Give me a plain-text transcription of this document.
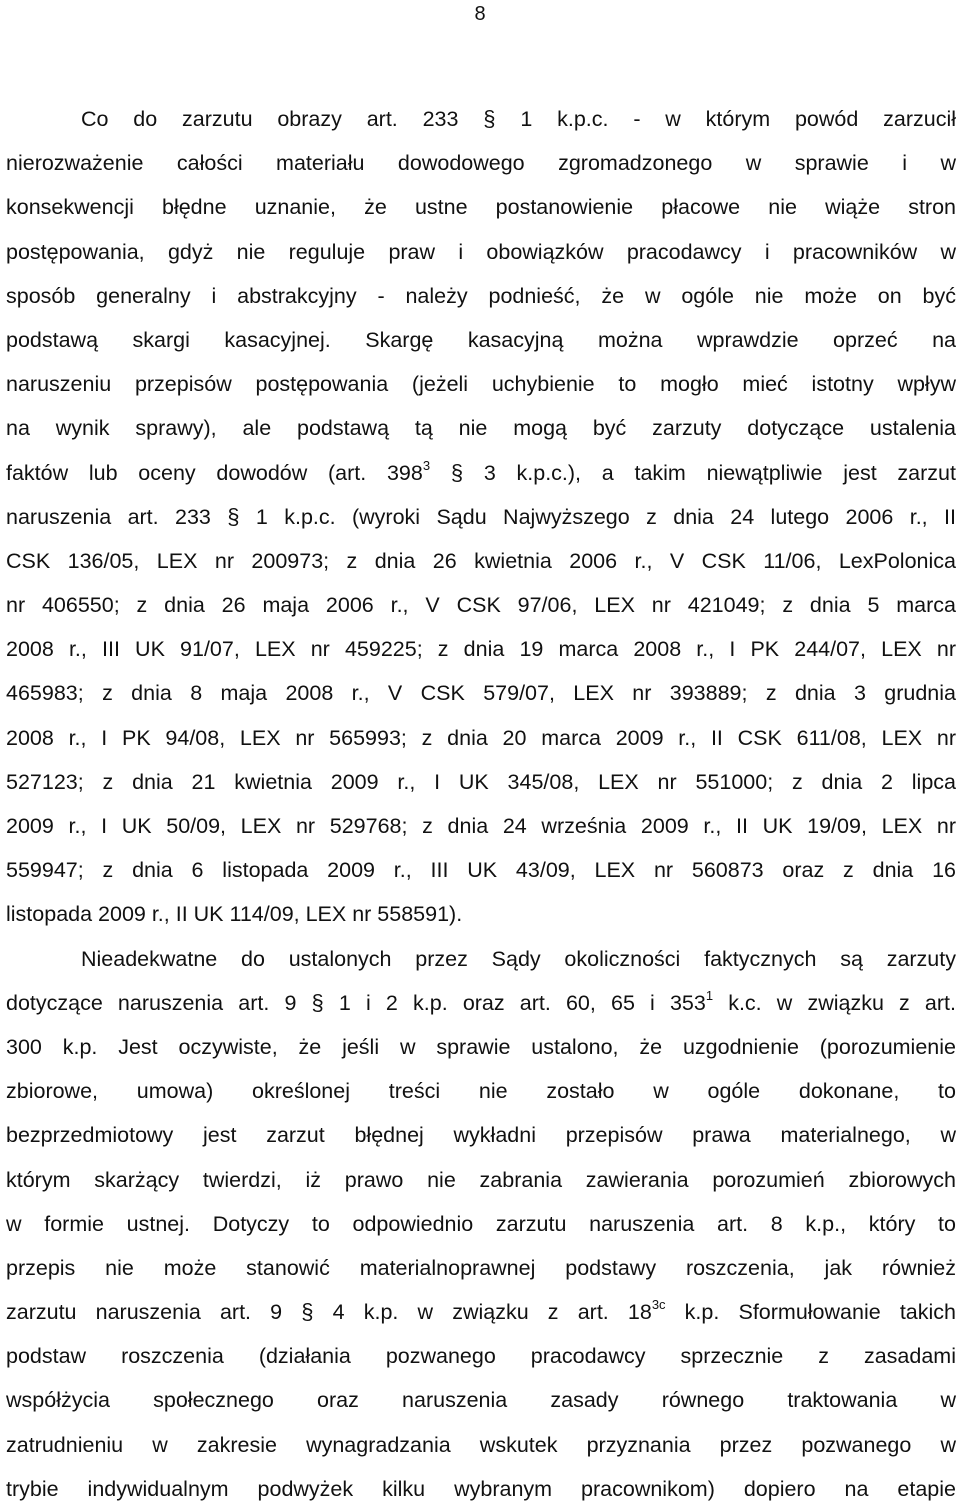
8
Co do zarzutu obrazy art. 233 § 1 k.p.c. - w którym powód zarzucił
nierozważenie całości materiału dowodowego zgromadzonego w sprawie i w
konsekwencji błędne uznanie, że ustne postanowienie płacowe nie wiąże stron
postępowania, gdyż nie reguluje praw i obowiązków pracodawcy i pracowników w
sposób generalny i abstrakcyjny - należy podnieść, że w ogóle nie może on być
podstawą skargi kasacyjnej. Skargę kasacyjną można wprawdzie oprzeć na
naruszeniu przepisów postępowania (jeżeli uchybienie to mogło mieć istotny wpływ
na wynik sprawy), ale podstawą tą nie mogą być zarzuty dotyczące ustalenia
faktów lub oceny dowodów (art. $398^3$ § 3 k.p.c.), a takim niewątpliwie jest zarzut
naruszenia art. 233 § 1 k.p.c. (wyroki Sądu Najwyższego z dnia 24 lutego 2006 r., II
CSK 136/05, LEX nr 200973; z dnia 26 kwietnia 2006 r., V CSK 11/06, LexPolonica
nr 406550; z dnia 26 maja 2006 r., V CSK 97/06, LEX nr 421049; z dnia 5 marca
2008 r., III UK 91/07, LEX nr 459225; z dnia 19 marca 2008 r., I PK 244/07, LEX nr
465983; z dnia 8 maja 2008 r., V CSK 579/07, LEX nr 393889; z dnia 3 grudnia
2008 r., I PK 94/08, LEX nr 565993; z dnia 20 marca 2009 r., II CSK 611/08, LEX nr
527123; z dnia 21 kwietnia 2009 r., I UK 345/08, LEX nr 551000; z dnia 2 lipca
2009 r., I UK 50/09, LEX nr 529768; z dnia 24 września 2009 r., II UK 19/09, LEX nr
559947; z dnia 6 listopada 2009 r., III UK 43/09, LEX nr 560873 oraz z dnia 16
listopada 2009 r., II UK 114/09, LEX nr 558591).
Nieadekwatne do ustalonych przez Sądy okoliczności faktycznych są zarzuty
dotyczące naruszenia art. 9 § 1 i 2 k.p. oraz art. 60, 65 i $353^1$ k.c. w związku z art.
300 k.p. Jest oczywiste, że jeśli w sprawie ustalono, że uzgodnienie (porozumienie
zbiorowe, umowa) określonej treści nie zostało w ogóle dokonane, to
bezprzedmiotowy jest zarzut błędnej wykładni przepisów prawa materialnego, w
którym skarżący twierdzi, iż prawo nie zabrania zawierania porozumień zbiorowych
w formie ustnej. Dotyczy to odpowiednio zarzutu naruszenia art. 8 k.p., który to
przepis nie może stanowić materialnoprawnej podstawy roszczenia, jak również
zarzutu naruszenia art. 9 § 4 k.p. w związku z art. $18^{3c}$ k.p. Sformułowanie takich
podstaw roszczenia (działania pozwanego pracodawcy sprzecznie z zasadami
współżycia społecznego oraz naruszenia zasady równego traktowania w
zatrudnieniu w zakresie wynagradzania wskutek przyznania przez pozwanego w
trybie indywidualnym podwyżek kilku wybranym pracownikom) dopiero na etapie
